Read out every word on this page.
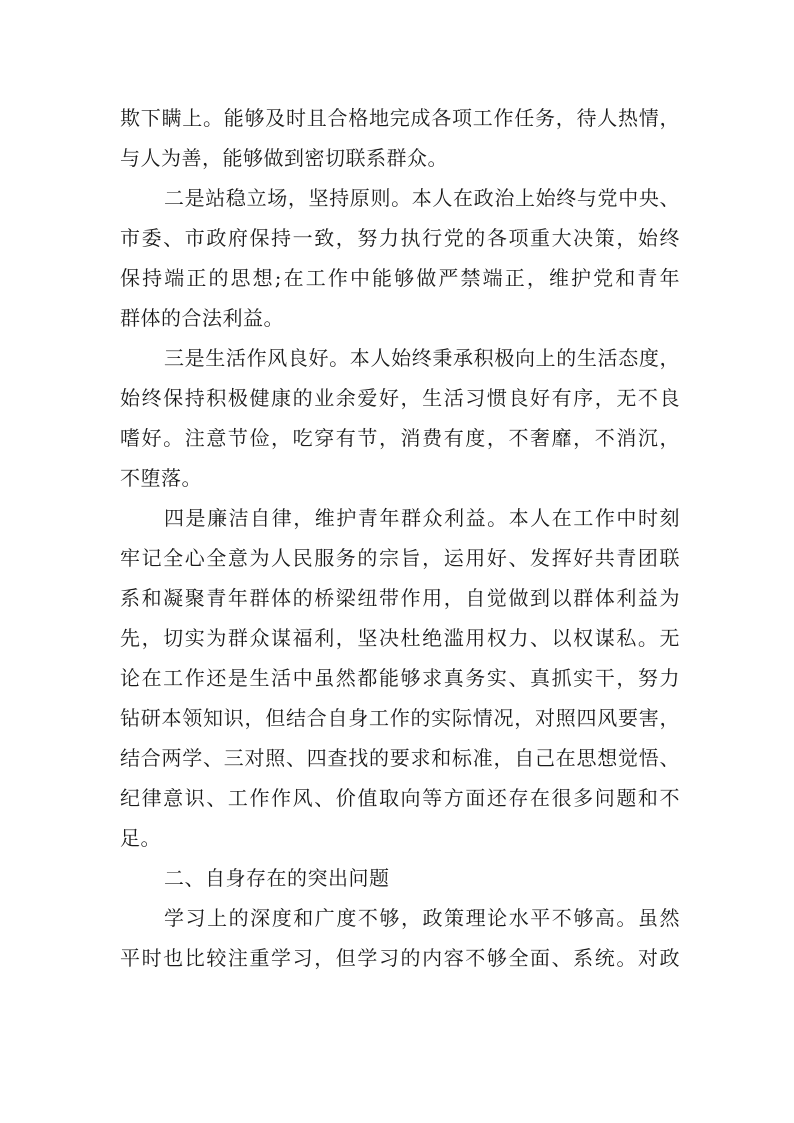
欺下瞒上。能够及时且合格地完成各项工作任务，待人热情，
与人为善，能够做到密切联系群众。
二是站稳立场，坚持原则。本人在政治上始终与党中央、
市委、市政府保持一致，努力执行党的各项重大决策，始终
保持端正的思想;在工作中能够做严禁端正，维护党和青年
群体的合法利益。
三是生活作风良好。本人始终秉承积极向上的生活态度，
始终保持积极健康的业余爱好，生活习惯良好有序，无不良
嗜好。注意节俭，吃穿有节，消费有度，不奢靡，不消沉，
不堕落。
四是廉洁自律，维护青年群众利益。本人在工作中时刻
牢记全心全意为人民服务的宗旨，运用好、发挥好共青团联
系和凝聚青年群体的桥梁纽带作用，自觉做到以群体利益为
先，切实为群众谋福利，坚决杜绝滥用权力、以权谋私。无
论在工作还是生活中虽然都能够求真务实、真抓实干，努力
钻研本领知识，但结合自身工作的实际情况，对照四风要害，
结合两学、三对照、四查找的要求和标准，自己在思想觉悟、
纪律意识、工作作风、价值取向等方面还存在很多问题和不
足。
二、自身存在的突出问题
学习上的深度和广度不够，政策理论水平不够高。虽然
平时也比较注重学习，但学习的内容不够全面、系统。对政
